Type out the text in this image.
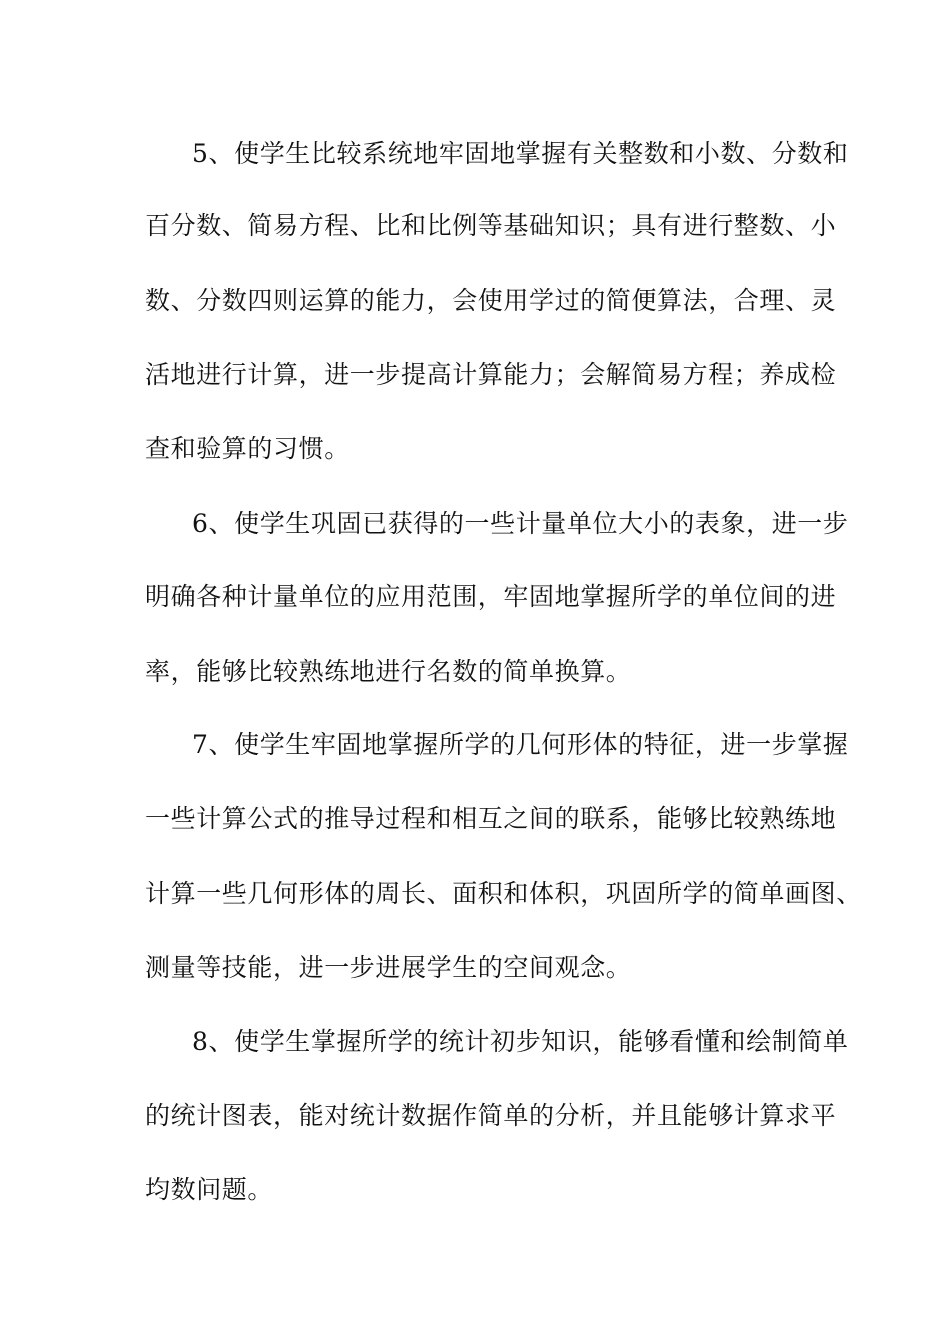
5、使学生比较系统地牢固地掌握有关整数和小数、分数和
百分数、简易方程、比和比例等基础知识；具有进行整数、小
数、分数四则运算的能力，会使用学过的简便算法，合理、灵
活地进行计算，进一步提高计算能力；会解简易方程；养成检
查和验算的习惯。
6、使学生巩固已获得的一些计量单位大小的表象，进一步
明确各种计量单位的应用范围，牢固地掌握所学的单位间的进
率，能够比较熟练地进行名数的简单换算。
7、使学生牢固地掌握所学的几何形体的特征，进一步掌握
一些计算公式的推导过程和相互之间的联系，能够比较熟练地
计算一些几何形体的周长、面积和体积，巩固所学的简单画图、
测量等技能，进一步进展学生的空间观念。
8、使学生掌握所学的统计初步知识，能够看懂和绘制简单
的统计图表，能对统计数据作简单的分析，并且能够计算求平
均数问题。
